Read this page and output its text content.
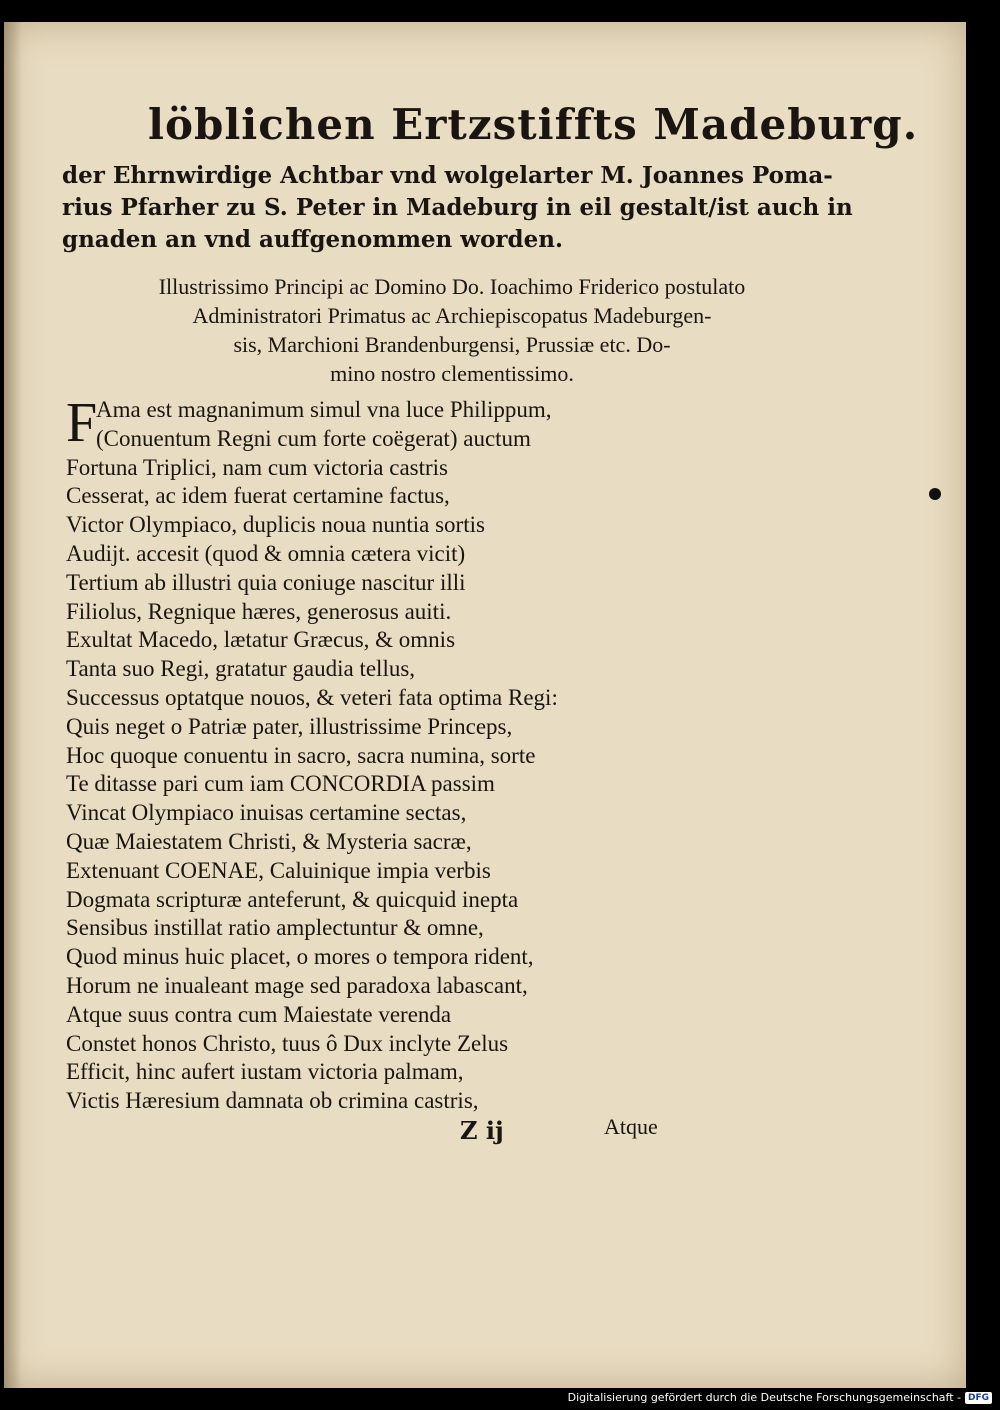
löblichen Ertzstiffts Madeburg.
der Ehrnwirdige Achtbar vnd wolgelarter M. Joannes Poma-
rius Pfarher zu S. Peter in Madeburg in eil gestalt/ist auch in
gnaden an vnd auffgenommen worden.
Illustrissimo Principi ac Domino Do. Ioachimo Friderico postulato
Administratori Primatus ac Archiepiscopatus Madeburgen-
sis, Marchioni Brandenburgensi, Prussiæ etc. Do-
mino nostro clementissimo.
F
Ama est magnanimum simul vna luce Philippum,
(Conuentum Regni cum forte coëgerat) auctum
Fortuna Triplici, nam cum victoria castris
Cesserat, ac idem fuerat certamine factus,
Victor Olympiaco, duplicis noua nuntia sortis
Audijt. accesit (quod & omnia cætera vicit)
Tertium ab illustri quia coniuge nascitur illi
Filiolus, Regnique hæres, generosus auiti.
Exultat Macedo, lætatur Græcus, & omnis
Tanta suo Regi, gratatur gaudia tellus,
Successus optatque nouos, & veteri fata optima Regi:
Quis neget o Patriæ pater, illustrissime Princeps,
Hoc quoque conuentu in sacro, sacra numina, sorte
Te ditasse pari cum iam CONCORDIA passim
Vincat Olympiaco inuisas certamine sectas,
Quæ Maiestatem Christi, & Mysteria sacræ,
Extenuant COENAE, Caluinique impia verbis
Dogmata scripturæ anteferunt, & quicquid inepta
Sensibus instillat ratio amplectuntur & omne,
Quod minus huic placet, o mores o tempora rident,
Horum ne inualeant mage sed paradoxa labascant,
Atque suus contra cum Maiestate verenda
Constet honos Christo, tuus ô Dux inclyte Zelus
Efficit, hinc aufert iustam victoria palmam,
Victis Hæresium damnata ob crimina castris,
Z ij	Atque
Digitalisierung gefördert durch die Deutsche Forschungsgemeinschaft - DFG
